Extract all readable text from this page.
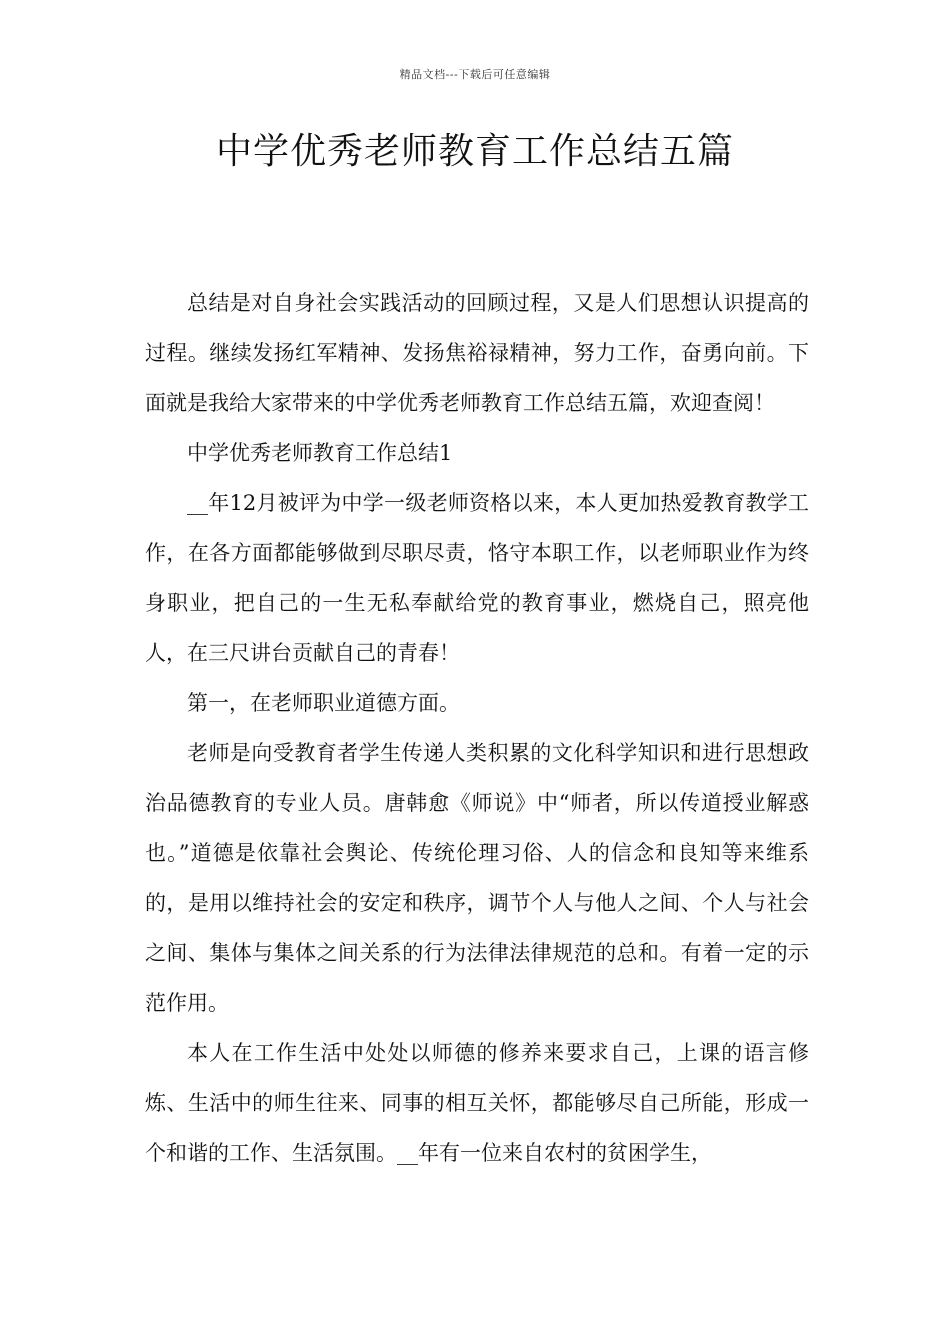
精品文档---下载后可任意编辑
中学优秀老师教育工作总结五篇

总结是对自身社会实践活动的回顾过程，又是人们思想认识提高的过程。继续发扬红军精神、发扬焦裕禄精神，努力工作，奋勇向前。下面就是我给大家带来的中学优秀老师教育工作总结五篇，欢迎查阅！

中学优秀老师教育工作总结1

__年12月被评为中学一级老师资格以来，本人更加热爱教育教学工作，在各方面都能够做到尽职尽责，恪守本职工作，以老师职业作为终身职业，把自己的一生无私奉献给党的教育事业，燃烧自己，照亮他人，在三尺讲台贡献自己的青春！

第一，在老师职业道德方面。

老师是向受教育者学生传递人类积累的文化科学知识和进行思想政治品德教育的专业人员。唐韩愈《师说》中“师者，所以传道授业解惑也。”道德是依靠社会舆论、传统伦理习俗、人的信念和良知等来维系的，是用以维持社会的安定和秩序，调节个人与他人之间、个人与社会之间、集体与集体之间关系的行为法律法律规范的总和。有着一定的示范作用。

本人在工作生活中处处以师德的修养来要求自己，上课的语言修炼、生活中的师生往来、同事的相互关怀，都能够尽自己所能，形成一个和谐的工作、生活氛围。__年有一位来自农村的贫困学生，
